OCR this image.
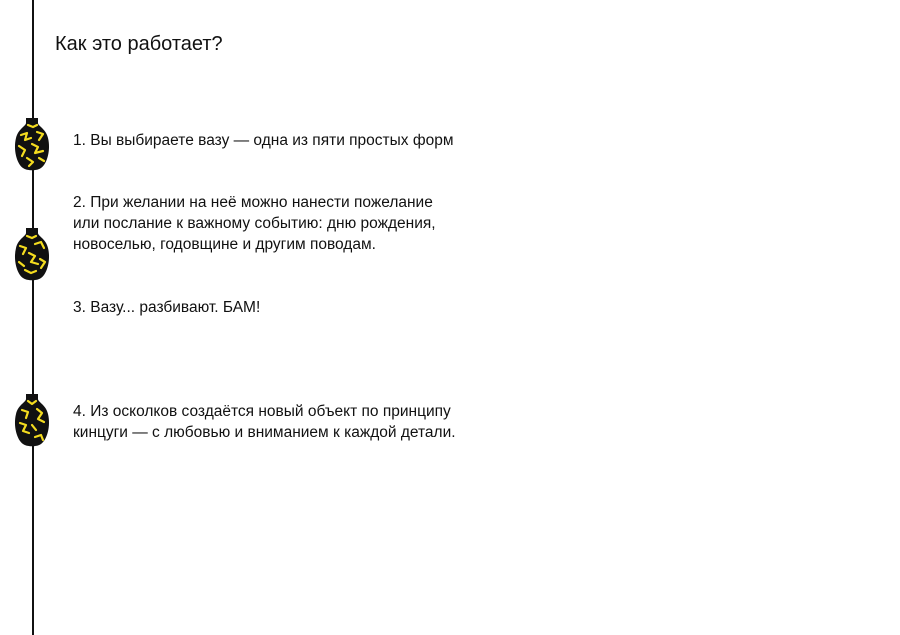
Как это работает?

1. Вы выбираете вазу — одна из пяти простых форм

2. При желании на неё можно нанести пожелание
или послание к важному событию: дню рождения,
новоселью, годовщине и другим поводам.

3. Вазу... разбивают. БАМ!

4. Из осколков создаётся новый объект по принципу
кинцуги — с любовью и вниманием к каждой детали.
